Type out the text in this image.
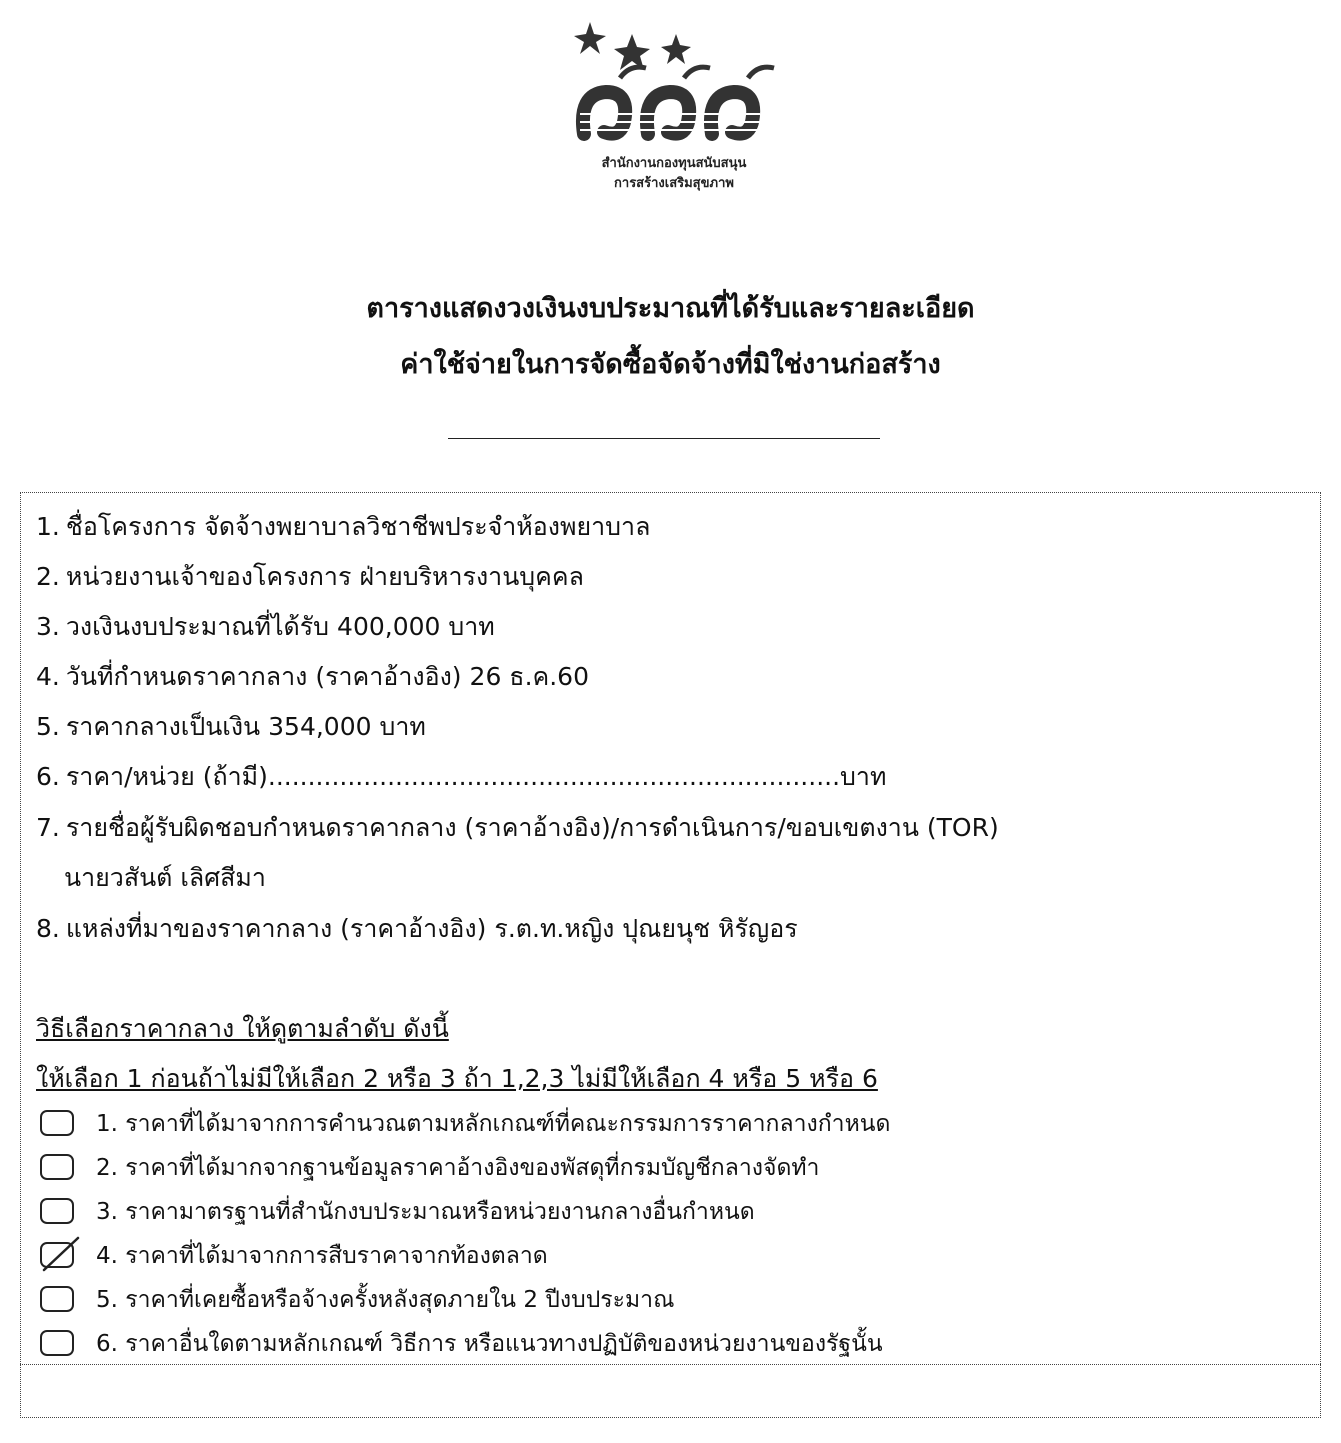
สำนักงานกองทุนสนับสนุน
การสร้างเสริมสุขภาพ
ตารางแสดงวงเงินงบประมาณที่ได้รับและรายละเอียด
ค่าใช้จ่ายในการจัดซื้อจัดจ้างที่มิใช่งานก่อสร้าง
1. ชื่อโครงการ จัดจ้างพยาบาลวิชาชีพประจำห้องพยาบาล
2. หน่วยงานเจ้าของโครงการ ฝ่ายบริหารงานบุคคล
3. วงเงินงบประมาณที่ได้รับ 400,000 บาท
4. วันที่กำหนดราคากลาง (ราคาอ้างอิง) 26 ธ.ค.60
5. ราคากลางเป็นเงิน 354,000 บาท
6. ราคา/หน่วย (ถ้ามี)........................................................................บาท
7. รายชื่อผู้รับผิดชอบกำหนดราคากลาง (ราคาอ้างอิง)/การดำเนินการ/ขอบเขตงาน (TOR)
นายวสันต์ เลิศสีมา
8. แหล่งที่มาของราคากลาง (ราคาอ้างอิง) ร.ต.ท.หญิง ปุณยนุช หิรัญอร
วิธีเลือกราคากลาง ให้ดูตามลำดับ ดังนี้
ให้เลือก 1 ก่อนถ้าไม่มีให้เลือก 2 หรือ 3 ถ้า 1,2,3 ไม่มีให้เลือก 4 หรือ 5 หรือ 6
1. ราคาที่ได้มาจากการคำนวณตามหลักเกณฑ์ที่คณะกรรมการราคากลางกำหนด
2. ราคาที่ได้มากจากฐานข้อมูลราคาอ้างอิงของพัสดุที่กรมบัญชีกลางจัดทำ
3. ราคามาตรฐานที่สำนักงบประมาณหรือหน่วยงานกลางอื่นกำหนด
4. ราคาที่ได้มาจากการสืบราคาจากท้องตลาด
5. ราคาที่เคยซื้อหรือจ้างครั้งหลังสุดภายใน 2 ปีงบประมาณ
6. ราคาอื่นใดตามหลักเกณฑ์ วิธีการ หรือแนวทางปฏิบัติของหน่วยงานของรัฐนั้น
